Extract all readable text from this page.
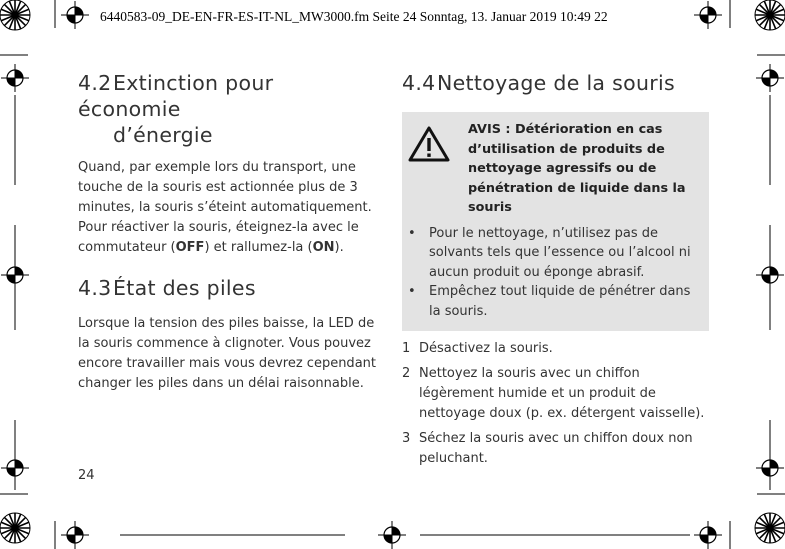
6440583-09_DE-EN-FR-ES-IT-NL_MW3000.fm Seite 24 Sonntag, 13. Januar 2019 10:49 22
4.2Extinction pour économie
d’énergie

Quand, par exemple lors du transport, une touche de la souris est actionnée plus de 3 minutes, la souris s’éteint automatiquement.

Pour réactiver la souris, éteignez-la avec le commutateur (OFF) et rallumez-la (ON).

4.3État des piles

Lorsque la tension des piles baisse, la LED de la souris commence à clignoter. Vous pouvez encore travailler mais vous devrez cependant changer les piles dans un délai raisonnable.

4.4Nettoyage de la souris
AVIS : Détérioration en cas d’utilisation de produits de nettoyage agressifs ou de pénétration de liquide dans la souris
• Pour le nettoyage, n’utilisez pas de solvants tels que l’essence ou l’alcool ni aucun produit ou éponge abrasif.
• Empêchez tout liquide de pénétrer dans la souris.
1 Désactivez la souris.
2 Nettoyez la souris avec un chiffon légèrement humide et un produit de nettoyage doux (p. ex. détergent vaisselle).
3 Séchez la souris avec un chiffon doux non peluchant.
24
